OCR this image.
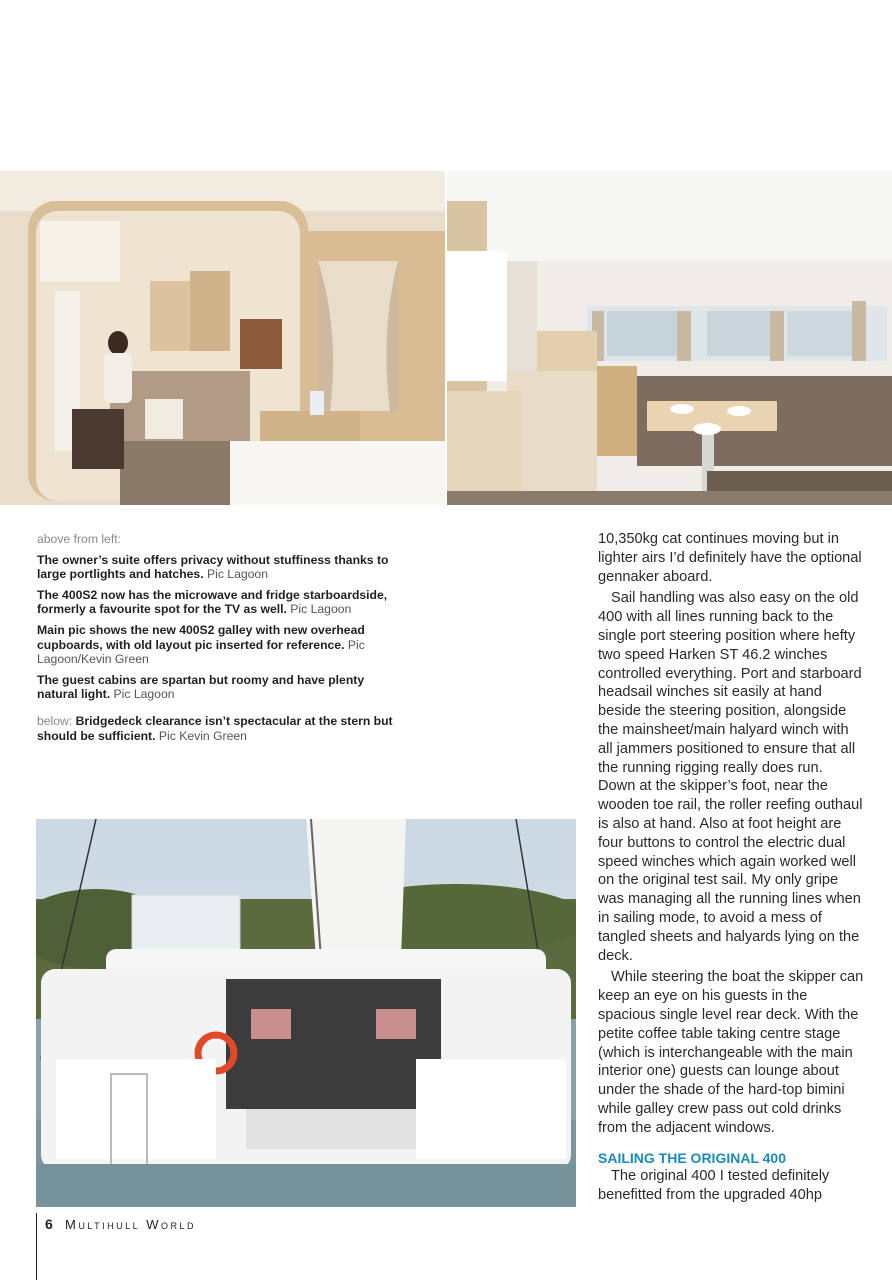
above from left:

The owner’s suite offers privacy without stuffiness thanks to large portlights and hatches. Pic Lagoon

The 400S2 now has the microwave and fridge starboardside, formerly a favourite spot for the TV as well. Pic Lagoon

Main pic shows the new 400S2 galley with new overhead cupboards, with old layout pic inserted for reference. Pic Lagoon/Kevin Green

The guest cabins are spartan but roomy and have plenty natural light. Pic Lagoon

below: Bridgedeck clearance isn’t spectacular at the stern but should be sufficient. Pic Kevin Green

10,350kg cat continues moving but in lighter airs I’d definitely have the optional gennaker aboard.

Sail handling was also easy on the old 400 with all lines running back to the single port steering position where hefty two speed Harken ST 46.2 winches controlled everything. Port and starboard headsail winches sit easily at hand beside the steering position, alongside the mainsheet/main halyard winch with all jammers positioned to ensure that all the running rigging really does run. Down at the skipper’s foot, near the wooden toe rail, the roller reefing outhaul is also at hand. Also at foot height are four buttons to control the electric dual speed winches which again worked well on the original test sail. My only gripe was managing all the running lines when in sailing mode, to avoid a mess of tangled sheets and halyards lying on the deck.

While steering the boat the skipper can keep an eye on his guests in the spacious single level rear deck. With the petite coffee table taking centre stage (which is interchangeable with the main interior one) guests can lounge about under the shade of the hard-top bimini while galley crew pass out cold drinks from the adjacent windows.

SAILING THE ORIGINAL 400

The original 400 I tested definitely benefitted from the upgraded 40hp

6 Multihull World
